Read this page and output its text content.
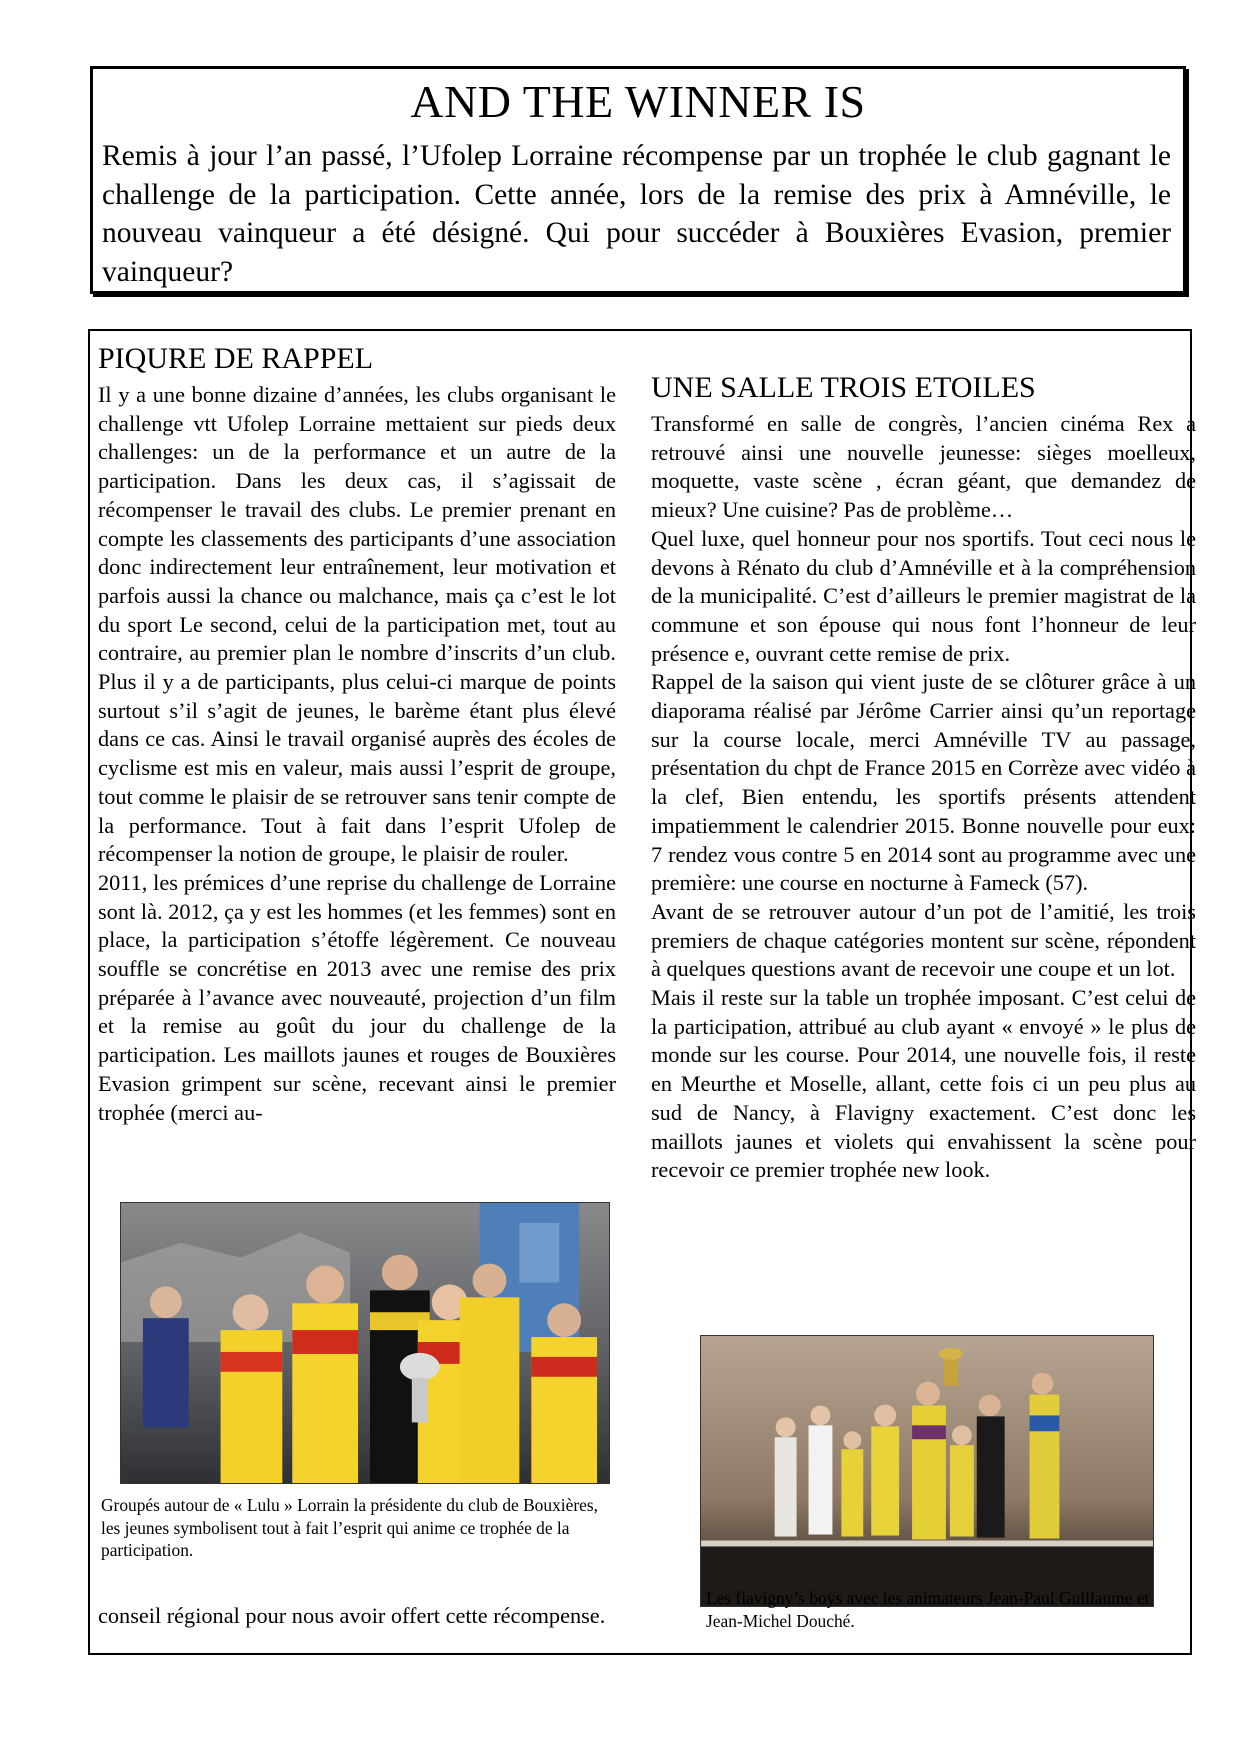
AND THE WINNER IS
Remis à jour l’an passé, l’Ufolep Lorraine récompense par un trophée le club gagnant le challenge de la participation. Cette année, lors de la remise des prix à Amnéville, le nouveau vainqueur a été désigné. Qui pour succéder à Bouxières Evasion, premier vainqueur?
PIQURE DE RAPPEL

Il y a une bonne dizaine d’années, les clubs organisant le challenge vtt Ufolep Lorraine mettaient sur pieds deux challenges: un de la performance et un autre de la participation. Dans les deux cas, il s’agissait de récompenser le travail des clubs. Le premier prenant en compte les classements des participants d’une association donc indirectement leur entraînement, leur motivation et parfois aussi la chance ou malchance, mais ça c’est le lot du sport Le second, celui de la participation met, tout au contraire, au premier plan le nombre d’inscrits d’un club. Plus il y a de participants, plus celui-ci marque de points surtout s’il s’agit de jeunes, le barème étant plus élevé dans ce cas. Ainsi le travail organisé auprès des écoles de cyclisme est mis en valeur, mais aussi l’esprit de groupe, tout comme le plaisir de se retrouver sans tenir compte de la performance. Tout à fait dans l’esprit Ufolep de récompenser la notion de groupe, le plaisir de rouler.

2011, les prémices d’une reprise du challenge de Lorraine sont là. 2012, ça y est les hommes (et les femmes) sont en place, la participation s’étoffe légèrement. Ce nouveau souffle se concrétise en 2013 avec une remise des prix préparée à l’avance avec nouveauté, projection d’un film et la remise au goût du jour du challenge de la participation. Les maillots jaunes et rouges de Bouxières Evasion grimpent sur scène, recevant ainsi le premier trophée (merci au-

Groupés autour de « Lulu » Lorrain la présidente du club de Bouxières, les jeunes symbolisent tout à fait l’esprit qui anime ce trophée de la participation.
conseil régional pour nous avoir offert cette récompense.
UNE SALLE TROIS ETOILES

Transformé en salle de congrès, l’ancien cinéma Rex a retrouvé ainsi une nouvelle jeunesse: sièges moelleux, moquette, vaste scène , écran géant, que demandez de mieux? Une cuisine? Pas de problème…

Quel luxe, quel honneur pour nos sportifs. Tout ceci nous le devons à Rénato du club d’Amnéville et à la compréhension de la municipalité. C’est d’ailleurs le premier magistrat de la commune et son épouse qui nous font l’honneur de leur présence e, ouvrant cette remise de prix.

Rappel de la saison qui vient juste de se clôturer grâce à un diaporama réalisé par Jérôme Carrier ainsi qu’un reportage sur la course locale, merci Amnéville TV au passage, présentation du chpt de France 2015 en Corrèze avec vidéo à la clef, Bien entendu, les sportifs présents attendent impatiemment le calendrier 2015. Bonne nouvelle pour eux: 7 rendez vous contre 5 en 2014 sont au programme avec une première: une course en nocturne à Fameck (57).

Avant de se retrouver autour d’un pot de l’amitié, les trois premiers de chaque catégories montent sur scène, répondent à quelques questions avant de recevoir une coupe et un lot.

Mais il reste sur la table un trophée imposant. C’est celui de la participation, attribué au club ayant « envoyé » le plus de monde sur les course. Pour 2014, une nouvelle fois, il reste en Meurthe et Moselle, allant, cette fois ci un peu plus au sud de Nancy, à Flavigny exactement. C’est donc les maillots jaunes et violets qui envahissent la scène pour recevoir ce premier trophée new look.

Les flavigny’s boys avec les animateurs Jean-Paul Guillaume et Jean-Michel Douché.
